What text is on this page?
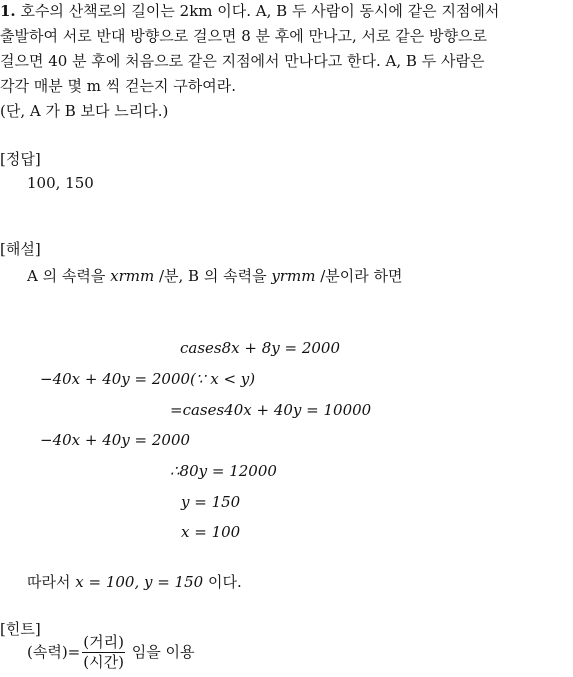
1. 호수의 산책로의 길이는 2km 이다. A, B 두 사람이 동시에 같은 지점에서
출발하여 서로 반대 방향으로 걸으면 8 분 후에 만나고, 서로 같은 방향으로
걸으면 40 분 후에 처음으로 같은 지점에서 만나다고 한다. A, B 두 사람은
각각 매분 몇 m 씩 걷는지 구하여라.
(단, A 가 B 보다 느리다.)
[정답]
100, 150
[해설]
A 의 속력을 xrmm /분, B 의 속력을 yrmm /분이라 하면
cases8x + 8y = 2000
−40x + 40y = 2000(∵ x < y)
=cases40x + 40y = 10000
−40x + 40y = 2000
∴80y = 12000
y = 150
x = 100
따라서 x = 100, y = 150 이다.
[힌트]
(속력)= $\frac{\text{(거리)}}{\text{(시간)}}$ 임을 이용
